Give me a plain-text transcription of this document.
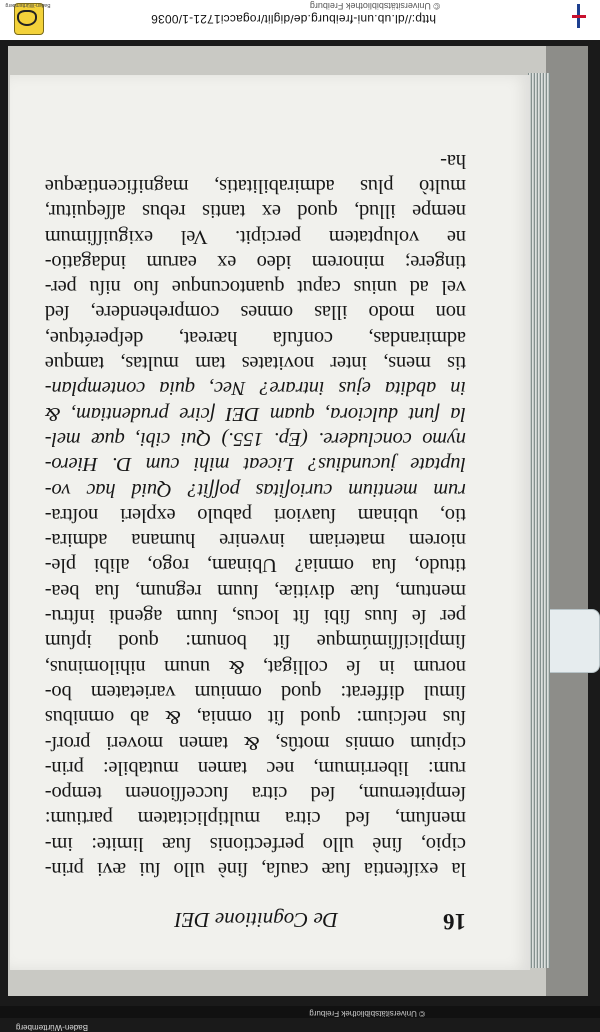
© Universitätsbibliothek Freiburg
Baden-Württemberg
16
De Cognitione DEI
la exiſtentia ſuæ cauſa, ſinè ullo ſui ævi prin-
cipio, ſinè ullo perfectionis ſuæ limite: im-
menſum, ſed citra multiplicitatem partium:
ſempiternum, ſed citra ſucceſſionem tempo-
rum: liberrimum, nec tamen mutabile: prin-
cipium omnis motûs, & tamen moveri prorſ-
ſus neſcium: quod ſit omnia, & ab omnibus
ſimul differat: quod omnium varietatem bo-
norum in ſe colligat, & unum nihilominus,
ſimpliciſſimúmque ſit bonum: quod ipſum
per ſe ſuus ſibi ſit locus, ſuum agendi inſtru-
mentum, ſuæ divitiæ, ſuum regnum, ſua bea-
titudo, ſua omnia? Ubinam, rogo, alibi ple-
niorem materiam invenire humana admira-
tio, ubinam ſuaviori pabulo expleri noſtra-
rum mentium curioſitas poſſit? Quid hac vo-
luptate jucundius? Liceat mihi cum D. Hiero-
nymo concludere. (Ep. 155.) Qui cibi, quæ mel-
la ſunt dulciora, quam DEI ſcire prudentiam, &
in abdita ejus intrare? Nec, quia contemplan-
tis mens, inter novitates tam multas, tamque
admirandas, confuſa hæreat, deſperétque,
non modo illas omnes comprehendere, ſed
vel ad unius caput quantocunque ſuo niſu per-
tingere; minorem ideo ex earum indagatio-
ne voluptatem percipit. Vel exiguiſſimum
nempe illud, quod ex tantis rebus aſſequitur,
multò plus admirabilitatis, magnificentiæque
ha-
Baden-Württemberg
http://dl.ub.uni-freiburg.de/diglit/rogacci1721-1/0036
© Universitätsbibliothek Freiburg
